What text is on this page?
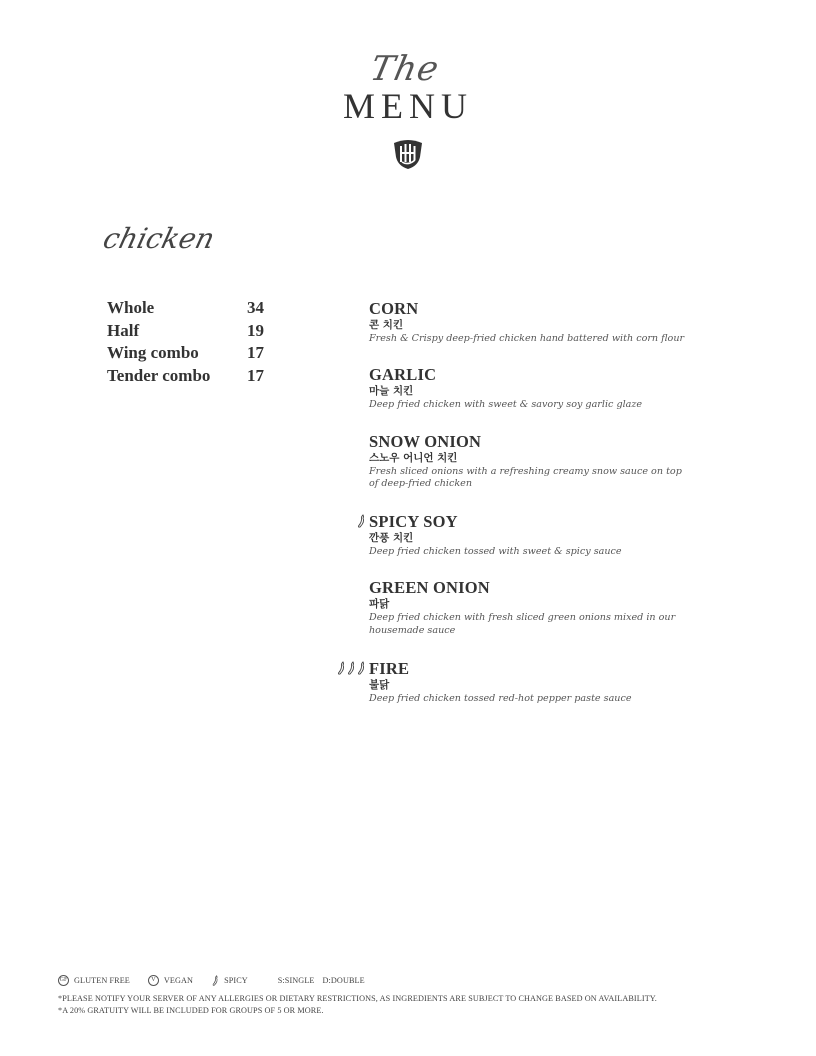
The
MENU
chicken
Whole	34
Half	19
Wing combo	17
Tender combo	17
CORN
콘 치킨
Fresh & Crispy deep-fried chicken hand battered with corn flour
GARLIC
마늘 치킨
Deep fried chicken with sweet & savory soy garlic glaze
SNOW ONION
스노우 어니언 치킨
Fresh sliced onions with a refreshing creamy snow sauce on top of deep-fried chicken
SPICY SOY
깐풍 치킨
Deep fried chicken tossed with sweet & spicy sauce
GREEN ONION
파닭
Deep fried chicken with fresh sliced green onions mixed in our housemade sauce
FIRE
불닭
Deep fried chicken tossed red-hot pepper paste sauce
GF GLUTEN FREE	V	VEGAN	SPICY	S:SINGLE D:DOUBLE
*PLEASE NOTIFY YOUR SERVER OF ANY ALLERGIES OR DIETARY RESTRICTIONS, AS INGREDIENTS ARE SUBJECT TO CHANGE BASED ON AVAILABILITY.
*A 20% GRATUITY WILL BE INCLUDED FOR GROUPS OF 5 OR MORE.
